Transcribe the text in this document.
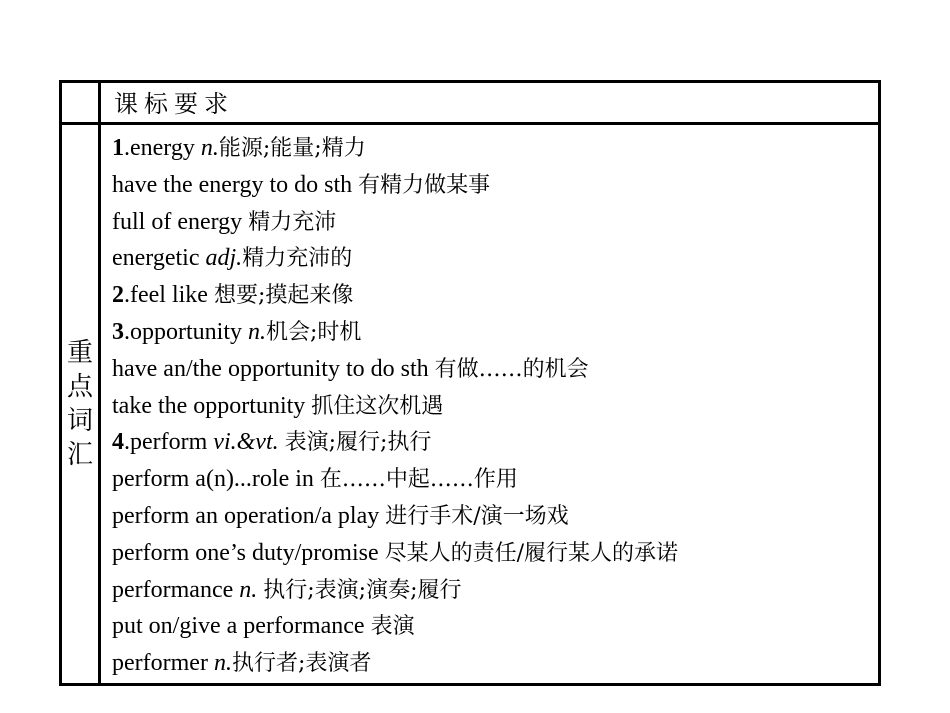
课标要求
重点词汇
1.energy n.能源;能量;精力
have the energy to do sth 有精力做某事
full of energy 精力充沛
energetic adj.精力充沛的
2.feel like 想要;摸起来像
3.opportunity n.机会;时机
have an/the opportunity to do sth 有做……的机会
take the opportunity 抓住这次机遇
4.perform vi.&vt. 表演;履行;执行
perform a(n)...role in 在……中起……作用
perform an operation/a play 进行手术/演一场戏
perform one’s duty/promise 尽某人的责任/履行某人的承诺
performance n. 执行;表演;演奏;履行
put on/give a performance 表演
performer n.执行者;表演者
